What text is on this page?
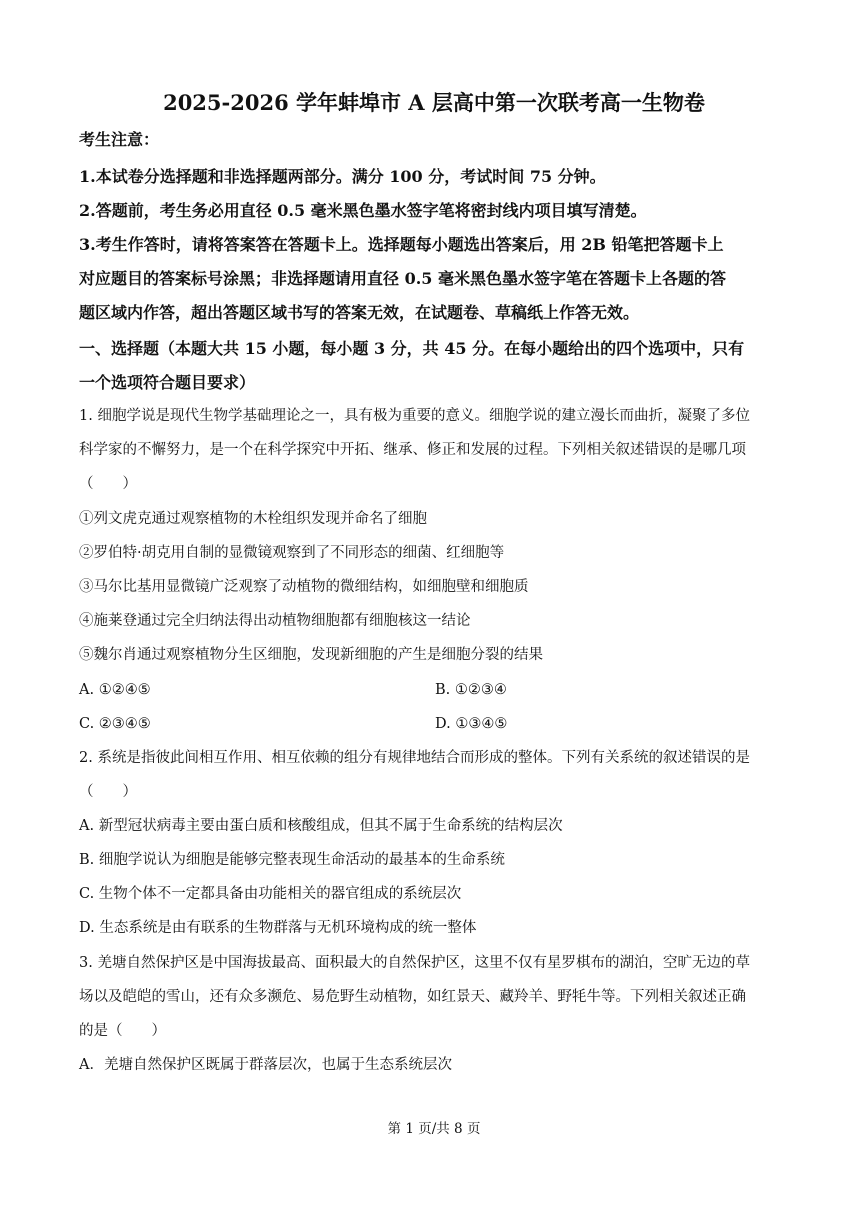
2025-2026 学年蚌埠市 A 层高中第一次联考高一生物卷
考生注意：
1.本试卷分选择题和非选择题两部分。满分 100 分，考试时间 75 分钟。
2.答题前，考生务必用直径 0.5 毫米黑色墨水签字笔将密封线内项目填写清楚。
3.考生作答时，请将答案答在答题卡上。选择题每小题选出答案后，用 2B 铅笔把答题卡上
对应题目的答案标号涂黑；非选择题请用直径 0.5 毫米黑色墨水签字笔在答题卡上各题的答
题区域内作答，超出答题区域书写的答案无效，在试题卷、草稿纸上作答无效。
一、选择题（本题大共 15 小题，每小题 3 分，共 45 分。在每小题给出的四个选项中，只有
一个选项符合题目要求）
1. 细胞学说是现代生物学基础理论之一，具有极为重要的意义。细胞学说的建立漫长而曲折，凝聚了多位
科学家的不懈努力，是一个在科学探究中开拓、继承、修正和发展的过程。下列相关叙述错误的是哪几项
（　　）
①列文虎克通过观察植物的木栓组织发现并命名了细胞
②罗伯特·胡克用自制的显微镜观察到了不同形态的细菌、红细胞等
③马尔比基用显微镜广泛观察了动植物的微细结构，如细胞壁和细胞质
④施莱登通过完全归纳法得出动植物细胞都有细胞核这一结论
⑤魏尔肖通过观察植物分生区细胞，发现新细胞的产生是细胞分裂的结果
A. ①②④⑤	B. ①②③④
C. ②③④⑤	D. ①③④⑤
2. 系统是指彼此间相互作用、相互依赖的组分有规律地结合而形成的整体。下列有关系统的叙述错误的是
（　　）
A. 新型冠状病毒主要由蛋白质和核酸组成，但其不属于生命系统的结构层次
B. 细胞学说认为细胞是能够完整表现生命活动的最基本的生命系统
C. 生物个体不一定都具备由功能相关的器官组成的系统层次
D. 生态系统是由有联系的生物群落与无机环境构成的统一整体
3. 羌塘自然保护区是中国海拔最高、面积最大的自然保护区，这里不仅有星罗棋布的湖泊，空旷无边的草
场以及皑皑的雪山，还有众多濒危、易危野生动植物，如红景天、藏羚羊、野牦牛等。下列相关叙述正确
的是（　　）
A．羌塘自然保护区既属于群落层次，也属于生态系统层次
第 1 页/共 8 页
